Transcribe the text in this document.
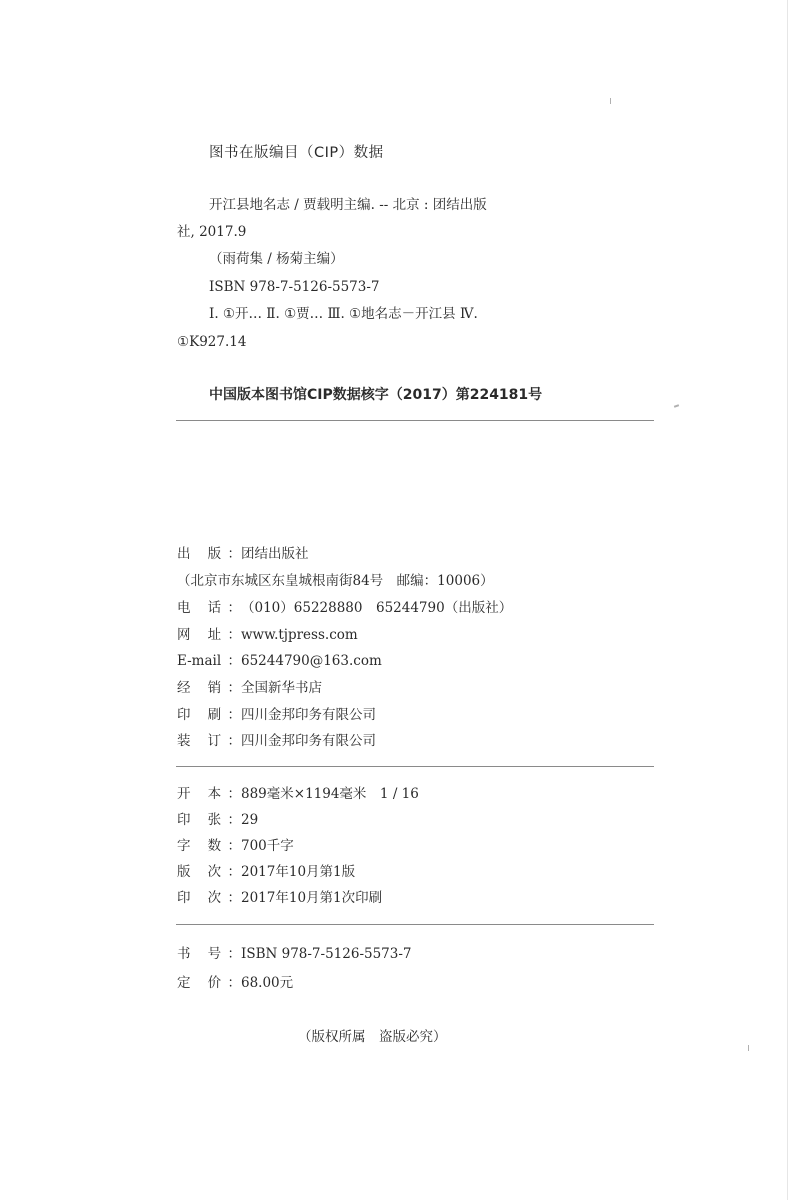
图书在版编目（CIP）数据
开江县地名志 / 贾载明主编. -- 北京 : 团结出版
社, 2017.9
（雨荷集 / 杨菊主编）
ISBN 978-7-5126-5573-7
Ⅰ. ①开… Ⅱ. ①贾… Ⅲ. ①地名志－开江县 Ⅳ.
①K927.14
中国版本图书馆CIP数据核字（2017）第224181号
出 版：团结出版社
（北京市东城区东皇城根南街84号　邮编：10006）
电 话：（010）65228880　65244790（出版社）
网 址：www.tjpress.com
E-mail：65244790@163.com
经 销：全国新华书店
印 刷：四川金邦印务有限公司
装 订：四川金邦印务有限公司
开 本：889毫米×1194毫米　1 / 16
印 张：29
字 数：700千字
版 次：2017年10月第1版
印 次：2017年10月第1次印刷
书 号：ISBN 978-7-5126-5573-7
定 价：68.00元
（版权所属　盗版必究）
